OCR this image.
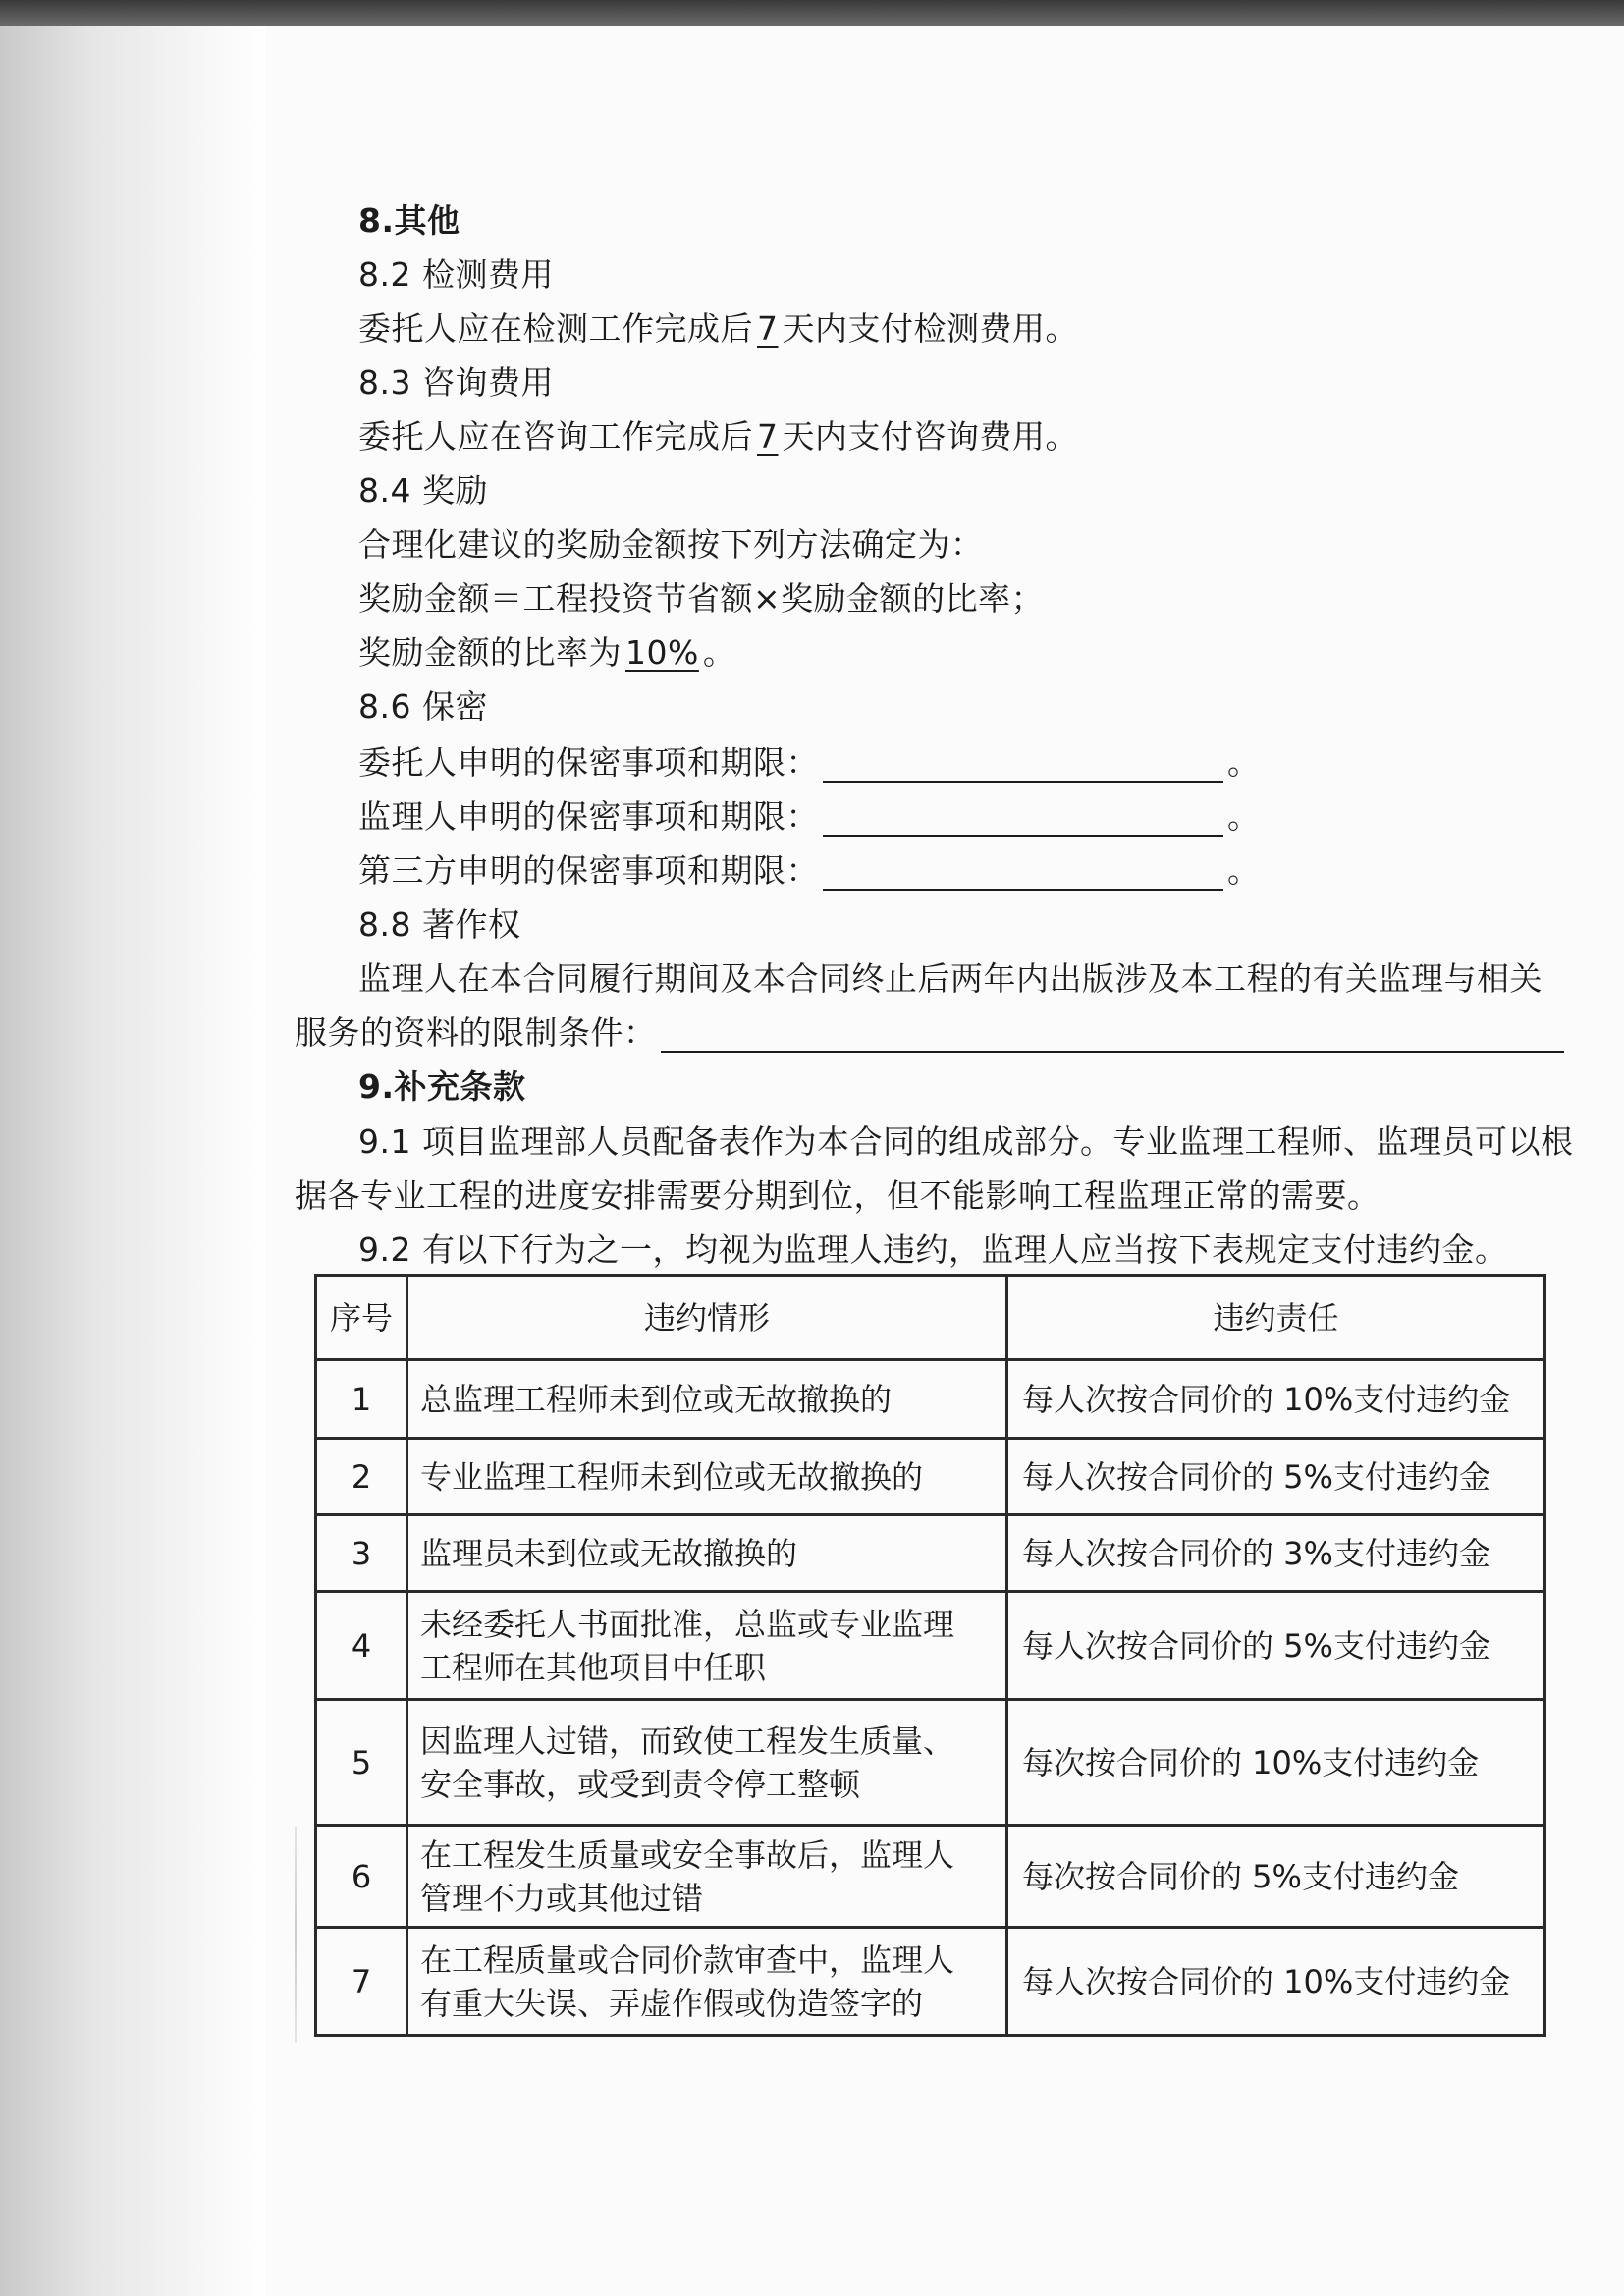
8.其他
8.2 检测费用
委托人应在检测工作完成后 7 天内支付检测费用。
8.3 咨询费用
委托人应在咨询工作完成后 7 天内支付咨询费用。
8.4 奖励
合理化建议的奖励金额按下列方法确定为：
奖励金额＝工程投资节省额×奖励金额的比率；
奖励金额的比率为 10% 。
8.6 保密
委托人申明的保密事项和期限：	。
监理人申明的保密事项和期限：	。
第三方申明的保密事项和期限：	。
8.8 著作权
监理人在本合同履行期间及本合同终止后两年内出版涉及本工程的有关监理与相关
服务的资料的限制条件：
9.补充条款
9.1 项目监理部人员配备表作为本合同的组成部分。专业监理工程师、监理员可以根
据各专业工程的进度安排需要分期到位，但不能影响工程监理正常的需要。
9.2 有以下行为之一，均视为监理人违约，监理人应当按下表规定支付违约金。
序号	违约情形	违约责任
1	总监理工程师未到位或无故撤换的	每人次按合同价的 10%支付违约金
2	专业监理工程师未到位或无故撤换的	每人次按合同价的 5%支付违约金
3	监理员未到位或无故撤换的	每人次按合同价的 3%支付违约金
4	未经委托人书面批准，总监或专业监理
工程师在其他项目中任职	每人次按合同价的 5%支付违约金
5	因监理人过错，而致使工程发生质量、
安全事故，或受到责令停工整顿	每次按合同价的 10%支付违约金
6	在工程发生质量或安全事故后，监理人
管理不力或其他过错	每次按合同价的 5%支付违约金
7	在工程质量或合同价款审查中，监理人
有重大失误、弄虚作假或伪造签字的	每人次按合同价的 10%支付违约金
